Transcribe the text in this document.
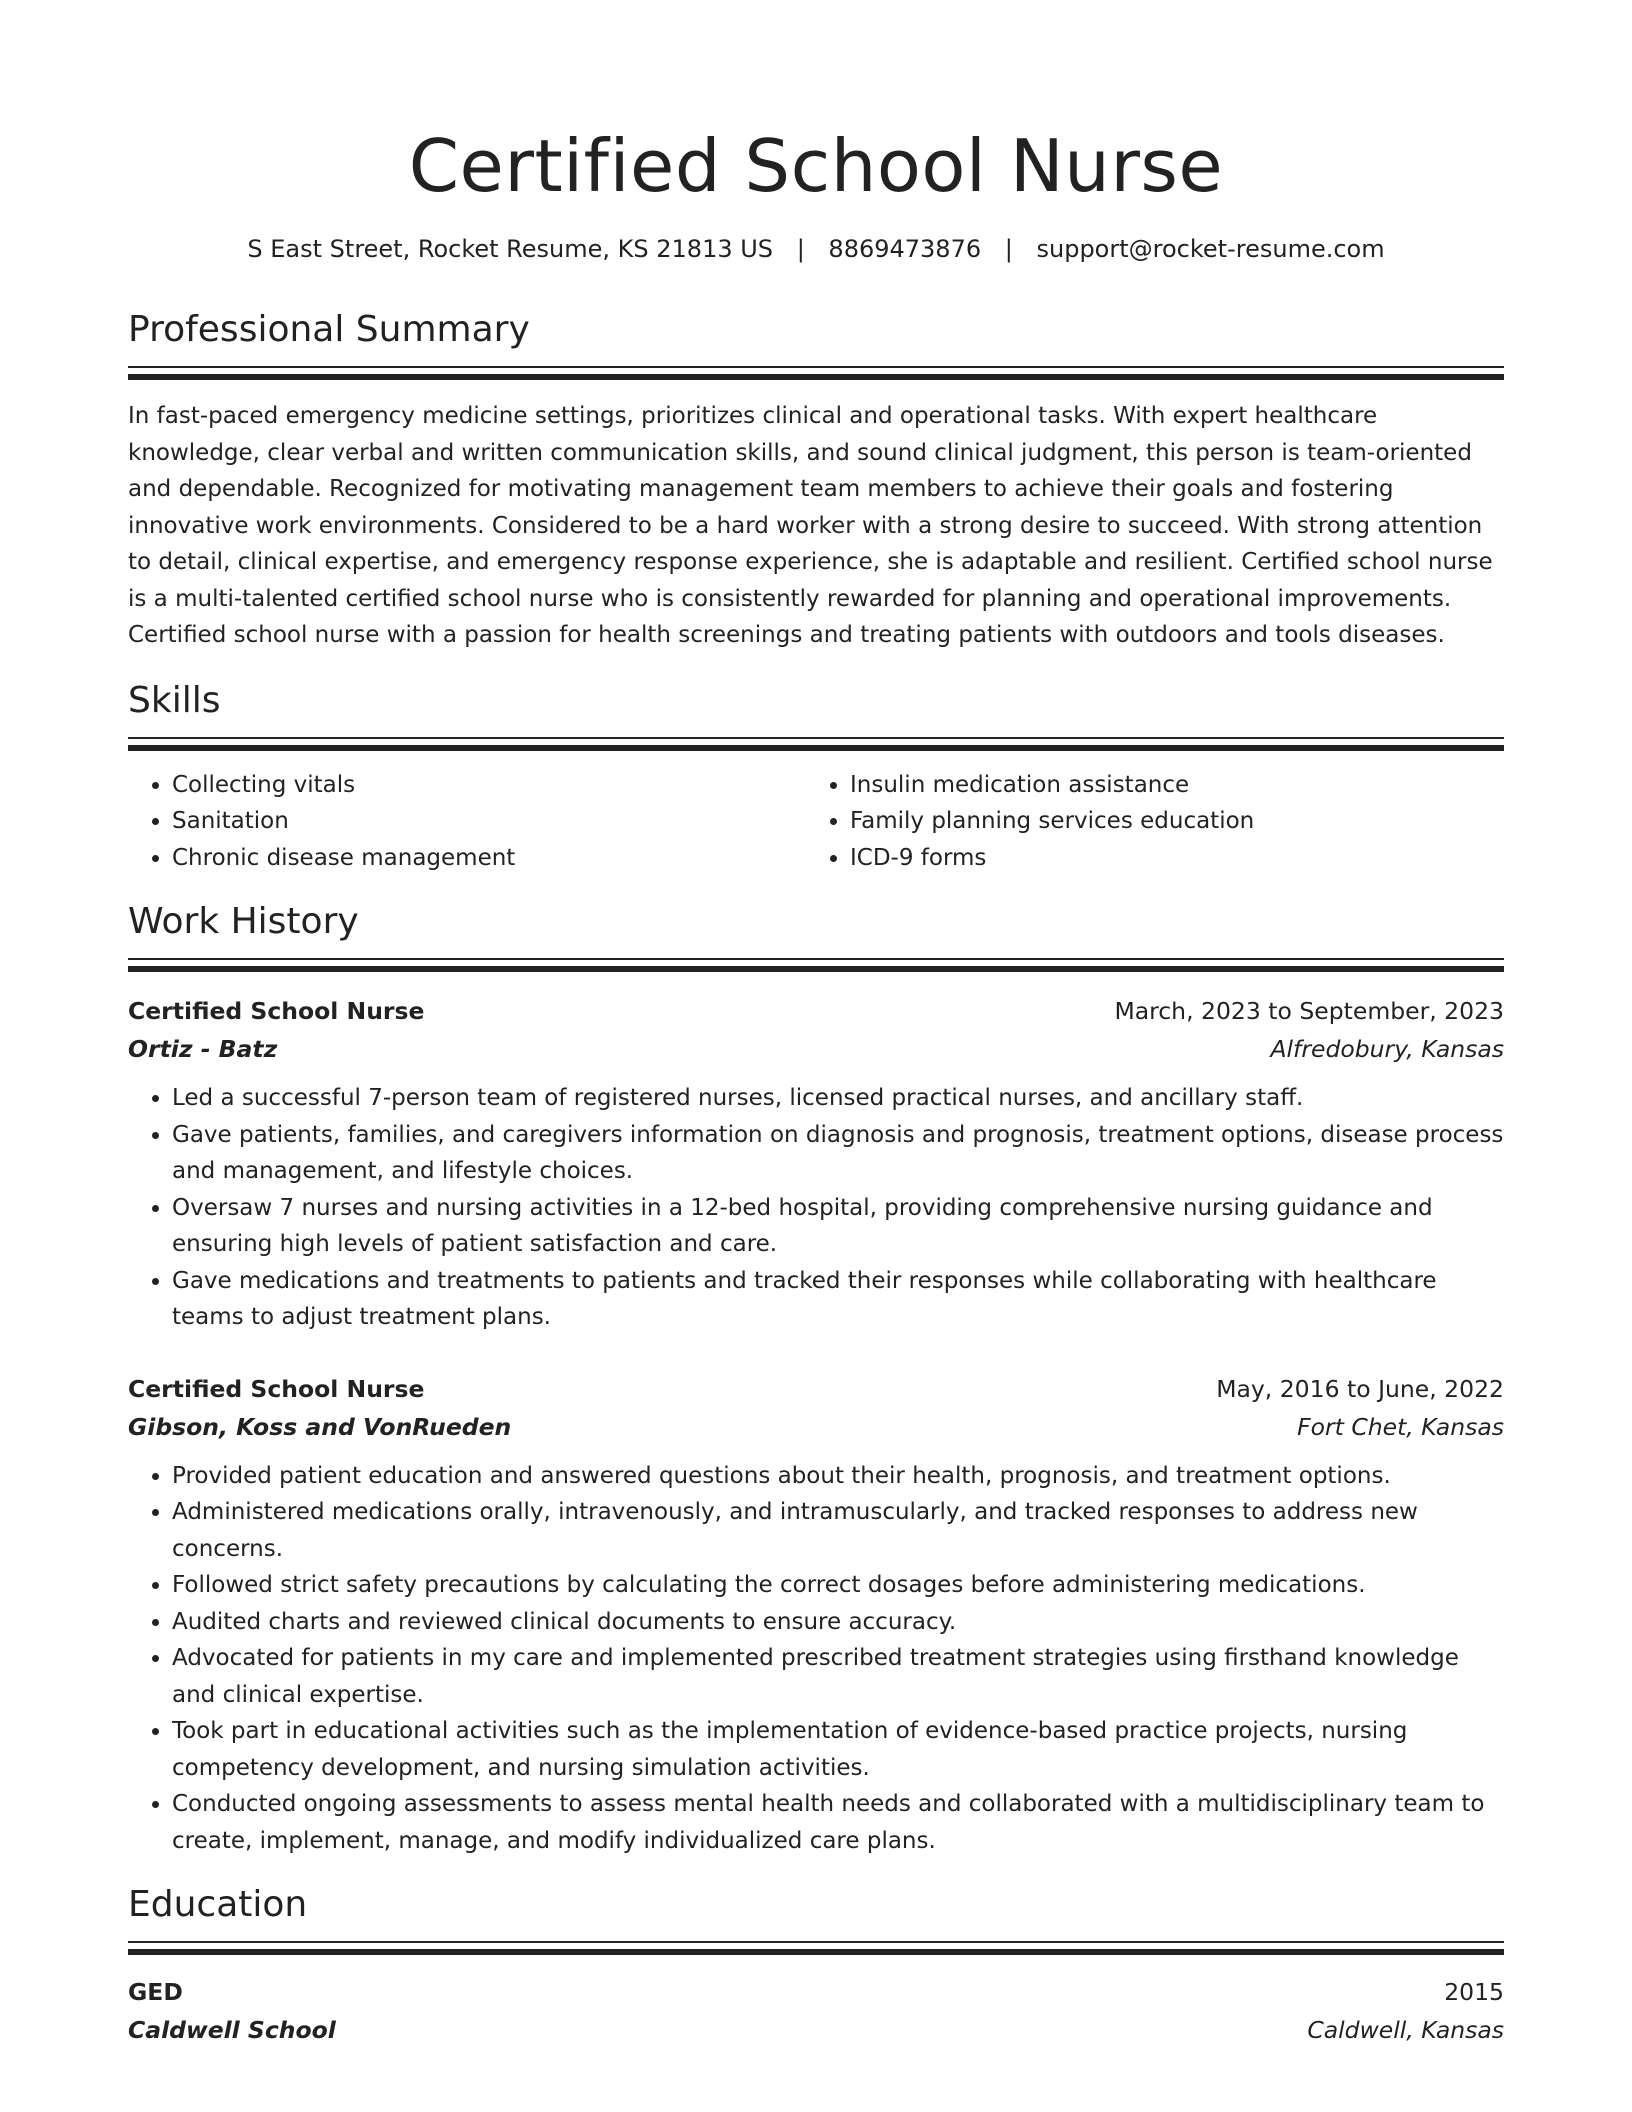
Certified School Nurse
S East Street, Rocket Resume, KS 21813 US | 8869473876 | support@rocket-resume.com
Professional Summary

In fast-paced emergency medicine settings, prioritizes clinical and operational tasks. With expert healthcare knowledge, clear verbal and written communication skills, and sound clinical judgment, this person is team-oriented and dependable. Recognized for motivating management team members to achieve their goals and fostering innovative work environments. Considered to be a hard worker with a strong desire to succeed. With strong attention to detail, clinical expertise, and emergency response experience, she is adaptable and resilient. Certified school nurse is a multi-talented certified school nurse who is consistently rewarded for planning and operational improvements. Certified school nurse with a passion for health screenings and treating patients with outdoors and tools diseases.

Skills
• Collecting vitals
• Sanitation
• Chronic disease management
• Insulin medication assistance
• Family planning services education
• ICD-9 forms
Work History
Certified School Nurse	March, 2023 to September, 2023
Ortiz - Batz	Alfredobury, Kansas
• Led a successful 7-person team of registered nurses, licensed practical nurses, and ancillary staff.
• Gave patients, families, and caregivers information on diagnosis and prognosis, treatment options, disease process and management, and lifestyle choices.
• Oversaw 7 nurses and nursing activities in a 12-bed hospital, providing comprehensive nursing guidance and ensuring high levels of patient satisfaction and care.
• Gave medications and treatments to patients and tracked their responses while collaborating with healthcare teams to adjust treatment plans.
Certified School Nurse	May, 2016 to June, 2022
Gibson, Koss and VonRueden	Fort Chet, Kansas
• Provided patient education and answered questions about their health, prognosis, and treatment options.
• Administered medications orally, intravenously, and intramuscularly, and tracked responses to address new concerns.
• Followed strict safety precautions by calculating the correct dosages before administering medications.
• Audited charts and reviewed clinical documents to ensure accuracy.
• Advocated for patients in my care and implemented prescribed treatment strategies using firsthand knowledge and clinical expertise.
• Took part in educational activities such as the implementation of evidence-based practice projects, nursing competency development, and nursing simulation activities.
• Conducted ongoing assessments to assess mental health needs and collaborated with a multidisciplinary team to create, implement, manage, and modify individualized care plans.
Education
GED	2015
Caldwell School	Caldwell, Kansas
